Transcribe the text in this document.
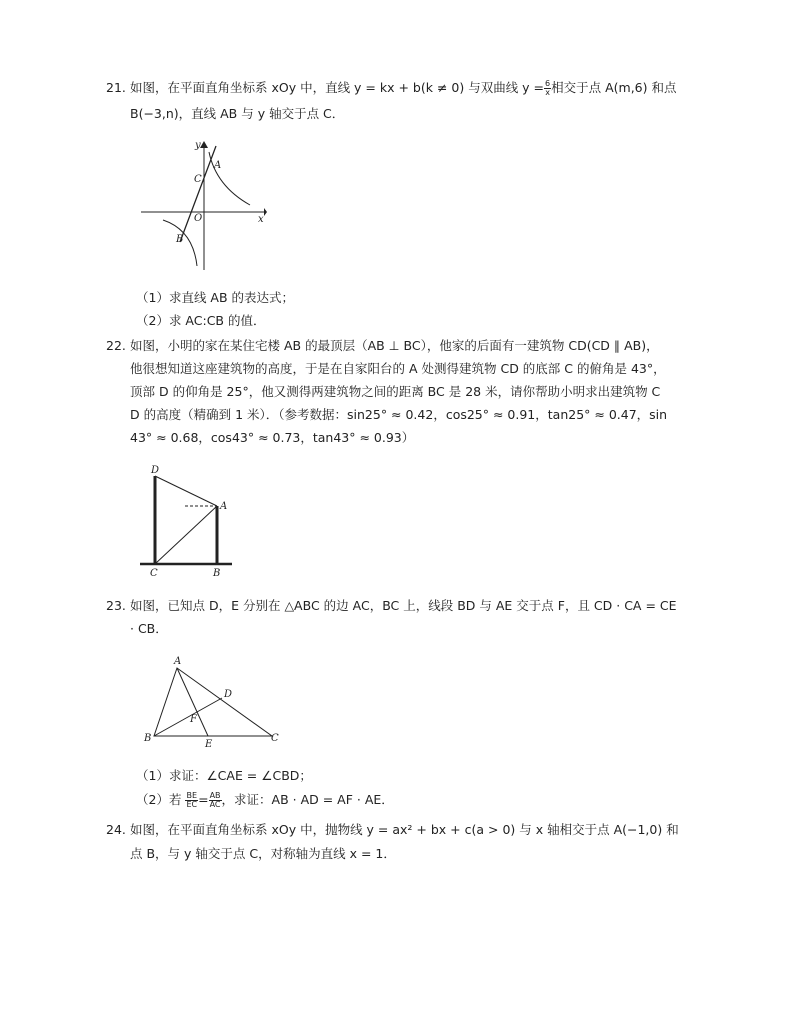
21. 如图，在平面直角坐标系 xOy 中，直线 y = kx + b(k ≠ 0) 与双曲线 $y = \frac{6}{x}$ 相交于点 A(m,6) 和点
B(−3,n)，直线 AB 与 y 轴交于点 C．
y
x
A
C
O
B
（1）求直线 AB 的表达式；
（2）求 AC:CB 的值．
22. 如图，小明的家在某住宅楼 AB 的最顶层（AB ⊥ BC），他家的后面有一建筑物 CD(CD ∥ AB)，
他很想知道这座建筑物的高度，于是在自家阳台的 A 处测得建筑物 CD 的底部 C 的俯角是 43°，
顶部 D 的仰角是 25°，他又测得两建筑物之间的距离 BC 是 28 米，请你帮助小明求出建筑物 C
D 的高度（精确到 1 米）．（参考数据：sin25° ≈ 0.42，cos25° ≈ 0.91，tan25° ≈ 0.47，sin
43° ≈ 0.68，cos43° ≈ 0.73，tan43° ≈ 0.93）
D
A
C	B
23. 如图，已知点 D，E 分别在 △ABC 的边 AC，BC 上，线段 BD 与 AE 交于点 F，且 CD · CA = CE
· CB．
A
B	C
D
E
F
（1）求证：∠CAE = ∠CBD；
（2）若 $\frac{BE}{EC} = \frac{AB}{AC}$ ，求证：AB · AD = AF · AE．
24. 如图，在平面直角坐标系 xOy 中，抛物线 y = ax² + bx + c(a > 0) 与 x 轴相交于点 A(−1,0) 和
点 B，与 y 轴交于点 C，对称轴为直线 x = 1．
